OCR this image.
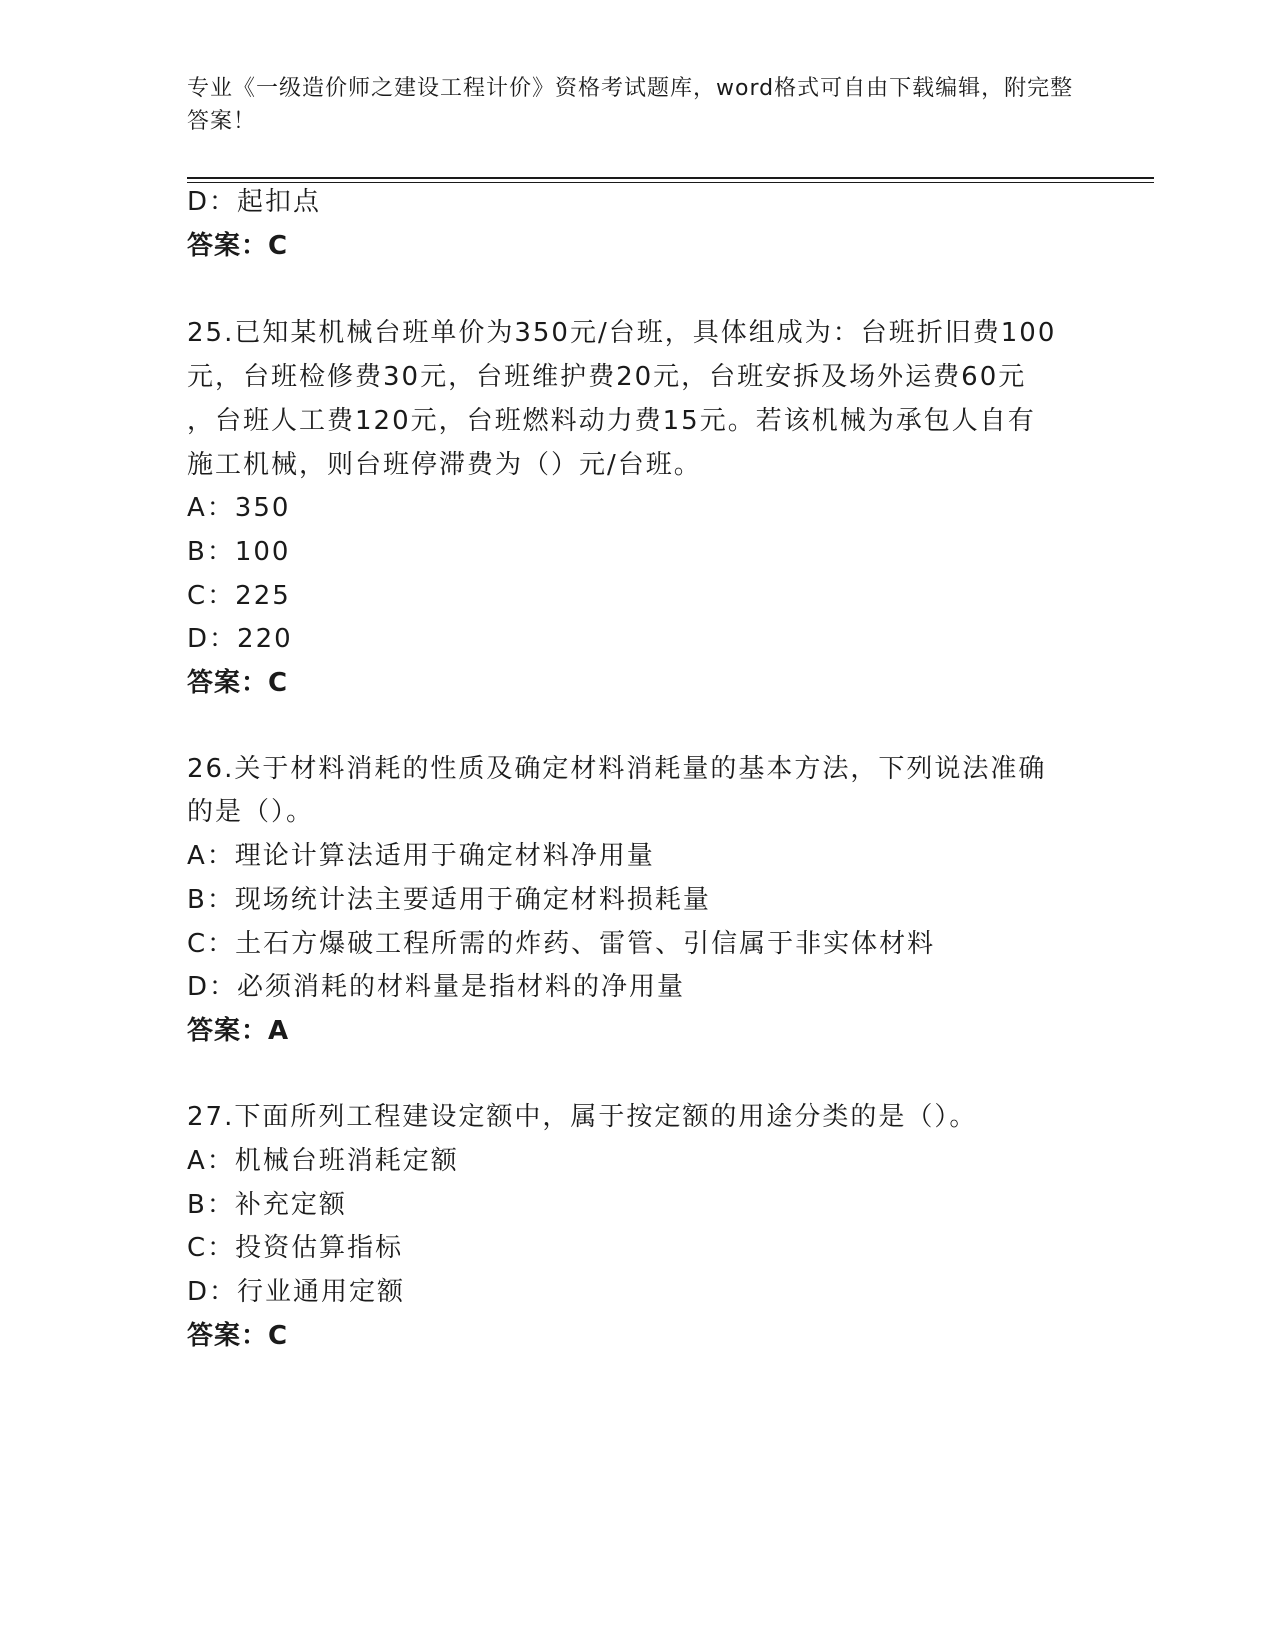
专业《一级造价师之建设工程计价》资格考试题库，word格式可自由下载编辑，附完整答案！
D：起扣点
答案：C
25.已知某机械台班单价为350元/台班，具体组成为：台班折旧费100
元，台班检修费30元，台班维护费20元，台班安拆及场外运费60元
，台班人工费120元，台班燃料动力费15元。若该机械为承包人自有
施工机械，则台班停滞费为（）元/台班。
A：350
B：100
C：225
D：220
答案：C
26.关于材料消耗的性质及确定材料消耗量的基本方法，下列说法准确
的是（）。
A：理论计算法适用于确定材料净用量
B：现场统计法主要适用于确定材料损耗量
C：土石方爆破工程所需的炸药、雷管、引信属于非实体材料
D：必须消耗的材料量是指材料的净用量
答案：A
27.下面所列工程建设定额中，属于按定额的用途分类的是（）。
A：机械台班消耗定额
B：补充定额
C：投资估算指标
D：行业通用定额
答案：C
